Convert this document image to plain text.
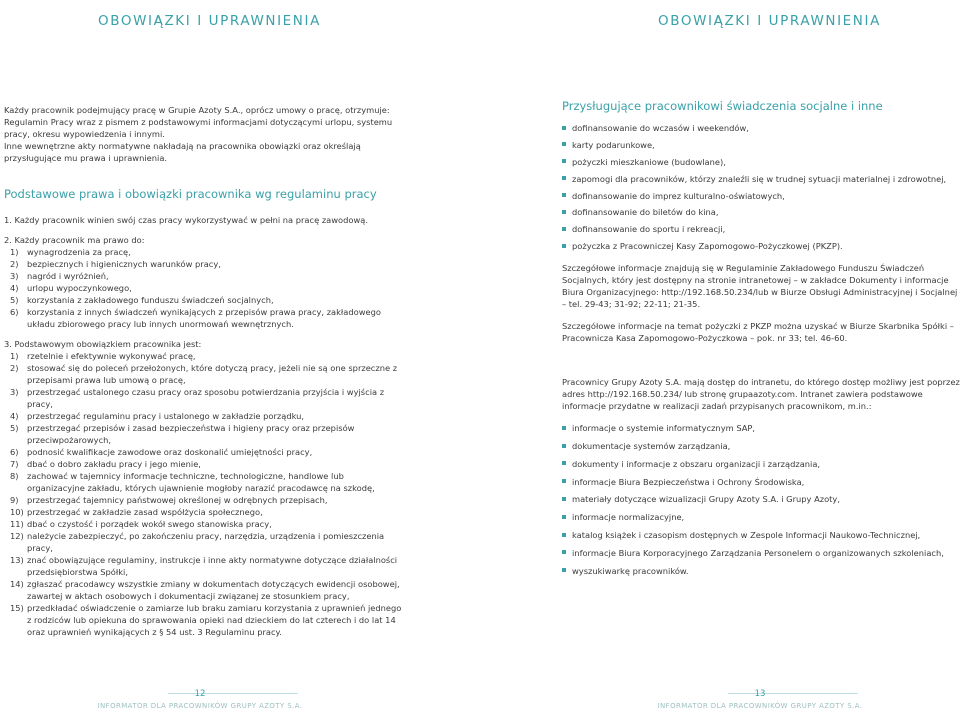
OBOWIĄZKI I UPRAWNIENIA

Każdy pracownik podejmujący pracę w Grupie Azoty S.A., oprócz umowy o pracę, otrzymuje: Regulamin Pracy wraz z pismem z podstawowymi informacjami dotyczącymi urlopu, systemu pracy, okresu wypowiedzenia i innymi.

Inne wewnętrzne akty normatywne nakładają na pracownika obowiązki oraz określają przysługujące mu prawa i uprawnienia.

Podstawowe prawa i obowiązki pracownika wg regulaminu pracy
1. Każdy pracownik winien swój czas pracy wykorzystywać w pełni na pracę zawodową.
2. Każdy pracownik ma prawo do:
1)	wynagrodzenia za pracę,
2)	bezpiecznych i higienicznych warunków pracy,
3)	nagród i wyróżnień,
4)	urlopu wypoczynkowego,
5)	korzystania z zakładowego funduszu świadczeń socjalnych,
6)	korzystania z innych świadczeń wynikających z przepisów prawa pracy, zakładowego układu zbiorowego pracy lub innych unormowań wewnętrznych.
3. Podstawowym obowiązkiem pracownika jest:
1)	rzetelnie i efektywnie wykonywać pracę,
2)	stosować się do poleceń przełożonych, które dotyczą pracy, jeżeli nie są one sprzeczne z przepisami prawa lub umową o pracę,
3)	przestrzegać ustalonego czasu pracy oraz sposobu potwierdzania przyjścia i wyjścia z pracy,
4)	przestrzegać regulaminu pracy i ustalonego w zakładzie porządku,
5)	przestrzegać przepisów i zasad bezpieczeństwa i higieny pracy oraz przepisów przeciwpożarowych,
6)	podnosić kwalifikacje zawodowe oraz doskonalić umiejętności pracy,
7)	dbać o dobro zakładu pracy i jego mienie,
8)	zachować w tajemnicy informacje techniczne, technologiczne, handlowe lub organizacyjne zakładu, których ujawnienie mogłoby narazić pracodawcę na szkodę,
9)	przestrzegać tajemnicy państwowej określonej w odrębnych przepisach,
10) przestrzegać w zakładzie zasad współżycia społecznego,
11) dbać o czystość i porządek wokół swego stanowiska pracy,
12) należycie zabezpieczyć, po zakończeniu pracy, narzędzia, urządzenia i pomieszczenia pracy,
13) znać obowiązujące regulaminy, instrukcje i inne akty normatywne dotyczące działalności przedsiębiorstwa Spółki,
14) zgłaszać pracodawcy wszystkie zmiany w dokumentach dotyczących ewidencji osobowej, zawartej w aktach osobowych i dokumentacji związanej ze stosunkiem pracy,
15) przedkładać oświadczenie o zamiarze lub braku zamiaru korzystania z uprawnień jednego z rodziców lub opiekuna do sprawowania opieki nad dzieckiem do lat czterech i do lat 14 oraz uprawnień wynikających z § 54 ust. 3 Regulaminu pracy.
12
INFORMATOR DLA PRACOWNIKÓW GRUPY AZOTY S.A.
OBOWIĄZKI I UPRAWNIENIA
Przysługujące pracownikowi świadczenia socjalne i inne
dofinansowanie do wczasów i weekendów,
karty podarunkowe,
pożyczki mieszkaniowe (budowlane),
zapomogi dla pracowników, którzy znaleźli się w trudnej sytuacji materialnej i zdrowotnej,
dofinansowanie do imprez kulturalno-oświatowych,
dofinansowanie do biletów do kina,
dofinansowanie do sportu i rekreacji,
pożyczka z Pracowniczej Kasy Zapomogowo-Pożyczkowej (PKZP).

Szczegółowe informacje znajdują się w Regulaminie Zakładowego Funduszu Świadczeń Socjalnych, który jest dostępny na stronie intranetowej – w zakładce Dokumenty i informacje Biura Organizacyjnego: http://192.168.50.234/lub w Biurze Obsługi Administracyjnej i Socjalnej – tel. 29-43; 31-92; 22-11; 21-35.

Szczegółowe informacje na temat pożyczki z PKZP można uzyskać w Biurze Skarbnika Spółki – Pracownicza Kasa Zapomogowo-Pożyczkowa – pok. nr 33; tel. 46-60.

Pracownicy Grupy Azoty S.A. mają dostęp do intranetu, do którego dostęp możliwy jest poprzez adres http://192.168.50.234/ lub stronę grupaazoty.com. Intranet zawiera podstawowe informacje przydatne w realizacji zadań przypisanych pracownikom, m.in.:

informacje o systemie informatycznym SAP,
dokumentacje systemów zarządzania,
dokumenty i informacje z obszaru organizacji i zarządzania,
informacje Biura Bezpieczeństwa i Ochrony Środowiska,
materiały dotyczące wizualizacji Grupy Azoty S.A. i Grupy Azoty,
informacje normalizacyjne,
katalog książek i czasopism dostępnych w Zespole Informacji Naukowo-Technicznej,
informacje Biura Korporacyjnego Zarządzania Personelem o organizowanych szkoleniach,
wyszukiwarkę pracowników.
13
INFORMATOR DLA PRACOWNIKÓW GRUPY AZOTY S.A.
